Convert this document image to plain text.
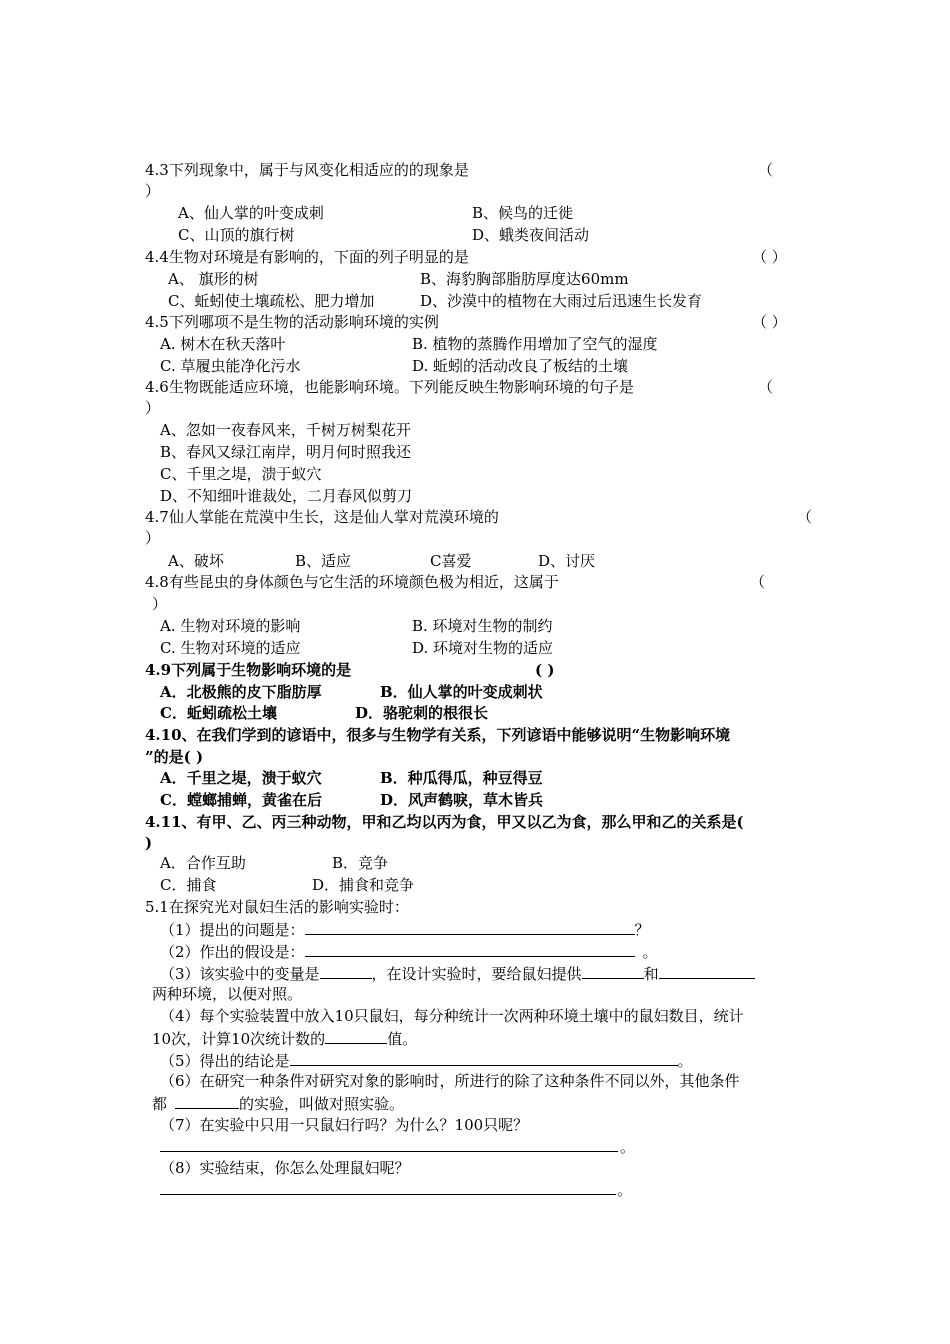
4.3下列现象中，属于与风变化相适应的的现象是	（
）
A、仙人掌的叶变成刺	B、候鸟的迁徙
C、山顶的旗行树	D、蛾类夜间活动
4.4生物对环境是有影响的，下面的列子明显的是	（ ）
A、 旗形的树	B、海豹胸部脂肪厚度达60mm
C、蚯蚓使土壤疏松、肥力增加	D、沙漠中的植物在大雨过后迅速生长发育
4.5下列哪项不是生物的活动影响环境的实例	（ ）
A. 树木在秋天落叶	B. 植物的蒸腾作用增加了空气的湿度
C. 草履虫能净化污水	D. 蚯蚓的活动改良了板结的土壤
4.6生物既能适应环境，也能影响环境。下列能反映生物影响环境的句子是	（
）
A、忽如一夜春风来，千树万树梨花开
B、春风又绿江南岸，明月何时照我还
C、千里之堤，溃于蚁穴
D、不知细叶谁裁处，二月春风似剪刀
4.7仙人掌能在荒漠中生长，这是仙人掌对荒漠环境的	（
）
A、破坏	B、适应	C喜爱	D、讨厌
4.8有些昆虫的身体颜色与它生活的环境颜色极为相近，这属于	（
）
A. 生物对环境的影响	B. 环境对生物的制约
C. 生物对环境的适应	D. 环境对生物的适应
4.9下列属于生物影响环境的是	( )
A．北极熊的皮下脂肪厚	B．仙人掌的叶变成刺状
C．蚯蚓疏松土壤	D．骆驼刺的根很长
4.10、在我们学到的谚语中，很多与生物学有关系，下列谚语中能够说明“生物影响环境
”的是( )
A．千里之堤，溃于蚁穴	B．种瓜得瓜，种豆得豆
C．螳螂捕蝉，黄雀在后	D．风声鹤唳，草木皆兵
4.11、有甲、乙、丙三种动物，甲和乙均以丙为食，甲又以乙为食，那么甲和乙的关系是(
)
A．合作互助	B．竞争
C．捕食	D．捕食和竞争
5.1在探究光对鼠妇生活的影响实验时：
（1）提出的问题是：	？
（2）作出的假设是：	。
（3）该实验中的变量是	，在设计实验时，要给鼠妇提供	和
两种环境，以便对照。
（4）每个实验装置中放入10只鼠妇，每分种统计一次两种环境土壤中的鼠妇数目，统计
10次，计算10次统计数的	值。
（5）得出的结论是	。
（6）在研究一种条件对研究对象的影响时，所进行的除了这种条件不同以外，其他条件
都	的实验，叫做对照实验。
（7）在实验中只用一只鼠妇行吗？为什么？100只呢？
。
（8）实验结束，你怎么处理鼠妇呢？
。
